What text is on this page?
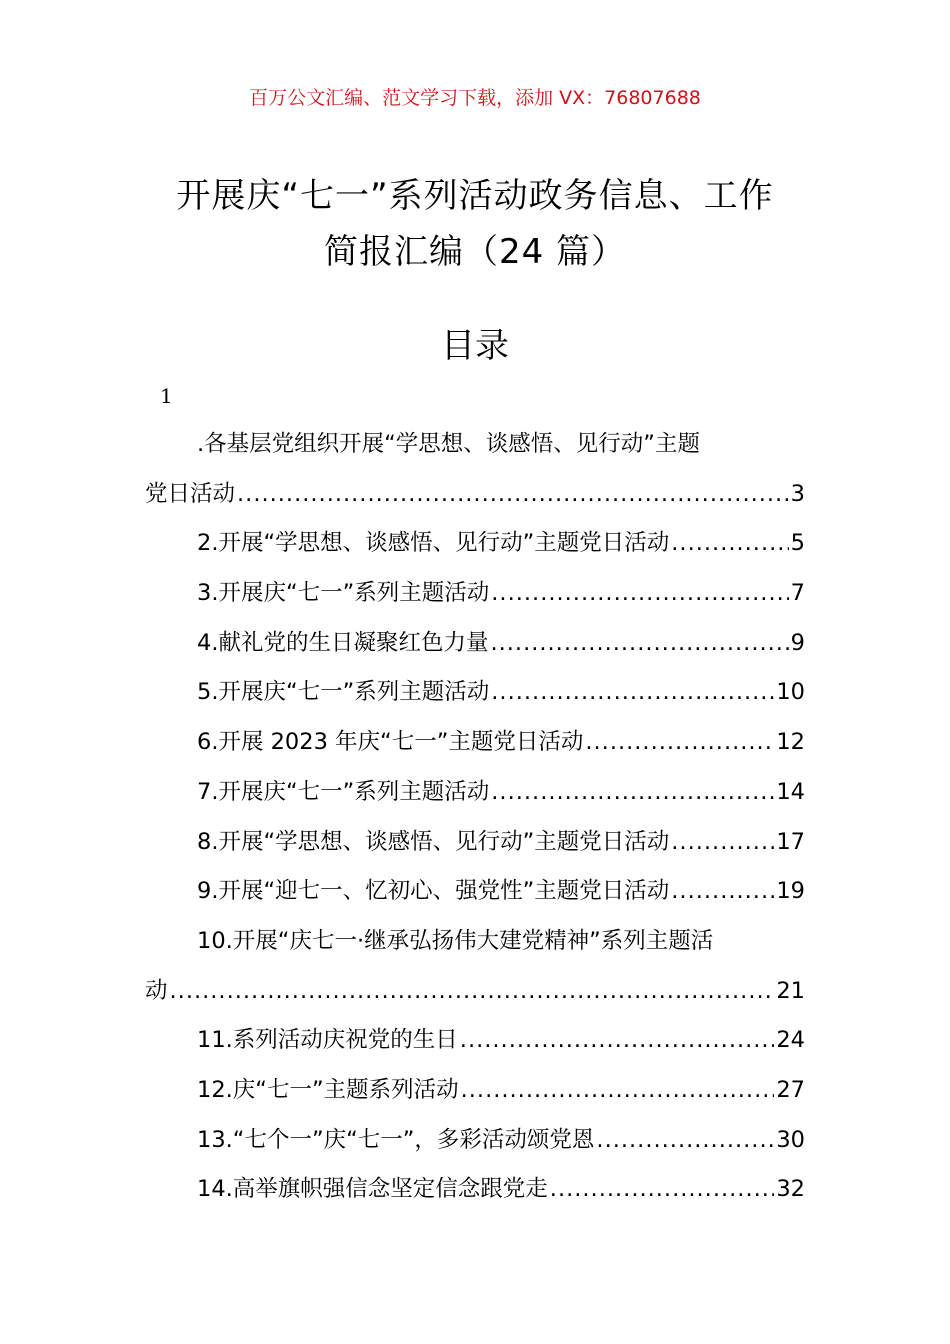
百万公文汇编、范文学习下载，添加 VX：76807688
开展庆“七一”系列活动政务信息、工作
简报汇编（24 篇）
目录
1
.各基层党组织开展“学思想、谈感悟、见行动”主题
党日活动 .....	3
2.开展“学思想、谈感悟、见行动”主题党日活动 .....	5
3.开展庆“七一”系列主题活动 .....	7
4.献礼党的生日凝聚红色力量 .....	9
5.开展庆“七一”系列主题活动 .....	10
6.开展 2023 年庆“七一”主题党日活动 .....	12
7.开展庆“七一”系列主题活动 .....	14
8.开展“学思想、谈感悟、见行动”主题党日活动 .....	17
9.开展“迎七一、忆初心、强党性”主题党日活动 .....	19
10.开展“庆七一·继承弘扬伟大建党精神”系列主题活
动 .....	21
11.系列活动庆祝党的生日 .....	24
12.庆“七一”主题系列活动 .....	27
13.“七个一”庆“七一”，多彩活动颂党恩 .....	30
14.高举旗帜强信念坚定信念跟党走 .....	32
